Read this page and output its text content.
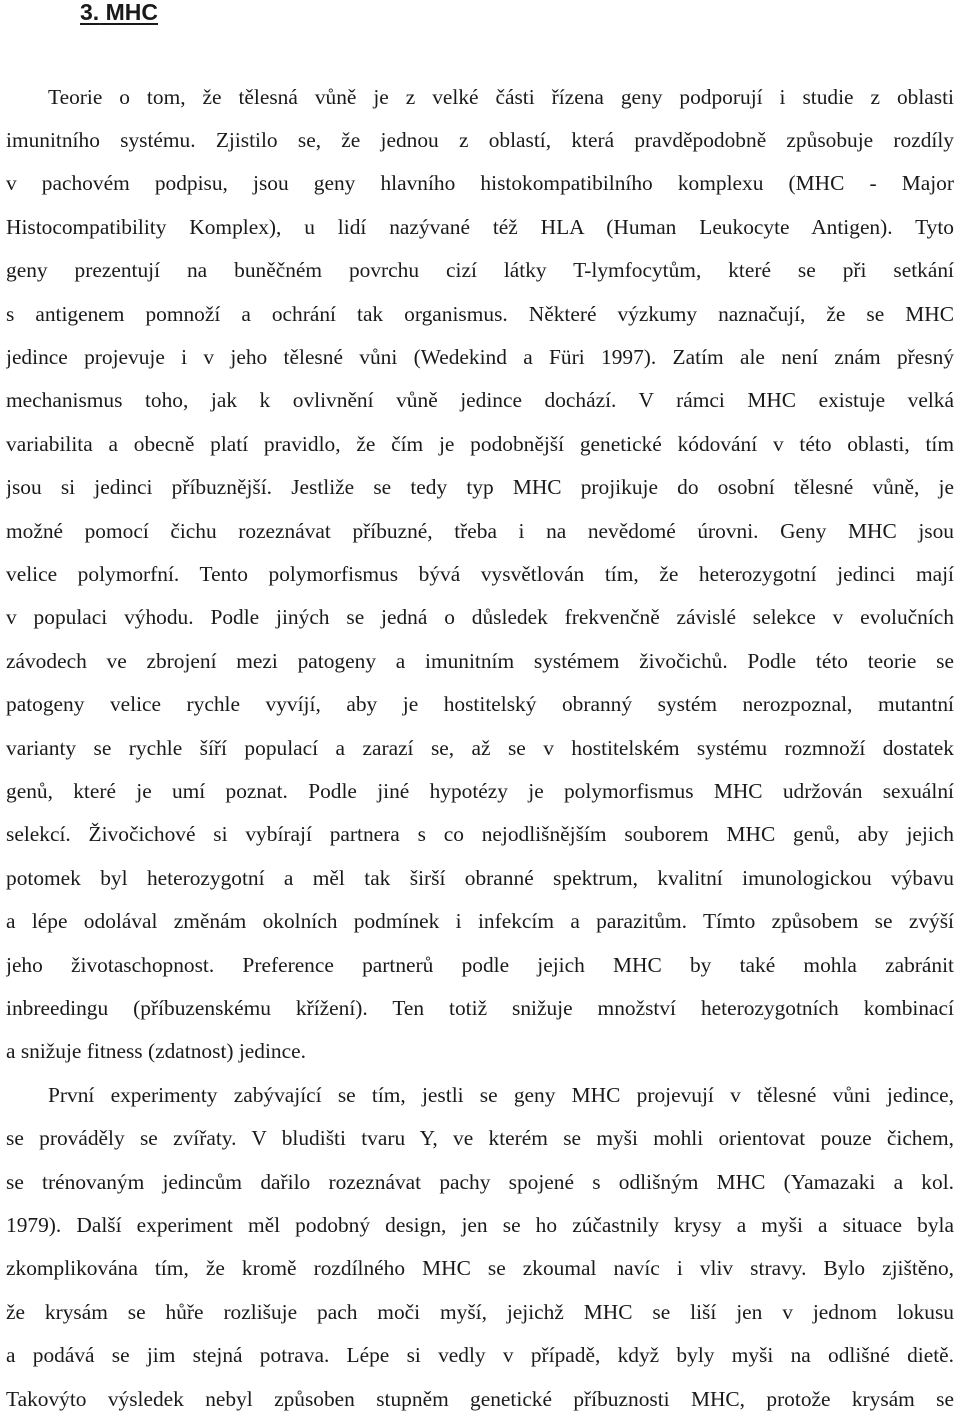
3. MHC
Teorie o tom, že tělesná vůně je z velké části řízena geny podporují i studie z oblasti
imunitního systému. Zjistilo se, že jednou z oblastí, která pravděpodobně způsobuje rozdíly
v pachovém podpisu, jsou geny hlavního histokompatibilního komplexu (MHC - Major
Histocompatibility Komplex), u lidí nazývané též HLA (Human Leukocyte Antigen). Tyto
geny prezentují na buněčném povrchu cizí látky T-lymfocytům, které se při setkání
s antigenem pomnoží a ochrání tak organismus. Některé výzkumy naznačují, že se MHC
jedince projevuje i v jeho tělesné vůni (Wedekind a Füri 1997). Zatím ale není znám přesný
mechanismus toho, jak k ovlivnění vůně jedince dochází. V rámci MHC existuje velká
variabilita a obecně platí pravidlo, že čím je podobnější genetické kódování v této oblasti, tím
jsou si jedinci příbuznější. Jestliže se tedy typ MHC projikuje do osobní tělesné vůně, je
možné pomocí čichu rozeznávat příbuzné, třeba i na nevědomé úrovni. Geny MHC jsou
velice polymorfní. Tento polymorfismus bývá vysvětlován tím, že heterozygotní jedinci mají
v populaci výhodu. Podle jiných se jedná o důsledek frekvenčně závislé selekce v evolučních
závodech ve zbrojení mezi patogeny a imunitním systémem živočichů. Podle této teorie se
patogeny velice rychle vyvíjí, aby je hostitelský obranný systém nerozpoznal, mutantní
varianty se rychle šíří populací a zarazí se, až se v hostitelském systému rozmnoží dostatek
genů, které je umí poznat. Podle jiné hypotézy je polymorfismus MHC udržován sexuální
selekcí. Živočichové si vybírají partnera s co nejodlišnějším souborem MHC genů, aby jejich
potomek byl heterozygotní a měl tak širší obranné spektrum, kvalitní imunologickou výbavu
a lépe odolával změnám okolních podmínek i infekcím a parazitům. Tímto způsobem se zvýší
jeho životaschopnost. Preference partnerů podle jejich MHC by také mohla zabránit
inbreedingu (příbuzenskému křížení). Ten totiž snižuje množství heterozygotních kombinací
a snižuje fitness (zdatnost) jedince.
První experimenty zabývající se tím, jestli se geny MHC projevují v tělesné vůni jedince,
se prováděly se zvířaty. V bludišti tvaru Y, ve kterém se myši mohli orientovat pouze čichem,
se trénovaným jedincům dařilo rozeznávat pachy spojené s odlišným MHC (Yamazaki a kol.
1979). Další experiment měl podobný design, jen se ho zúčastnily krysy a myši a situace byla
zkomplikována tím, že kromě rozdílného MHC se zkoumal navíc i vliv stravy. Bylo zjištěno,
že krysám se hůře rozlišuje pach moči myší, jejichž MHC se liší jen v jednom lokusu
a podává se jim stejná potrava. Lépe si vedly v případě, když byly myši na odlišné dietě.
Takovýto výsledek nebyl způsoben stupněm genetické příbuznosti MHC, protože krysám se
